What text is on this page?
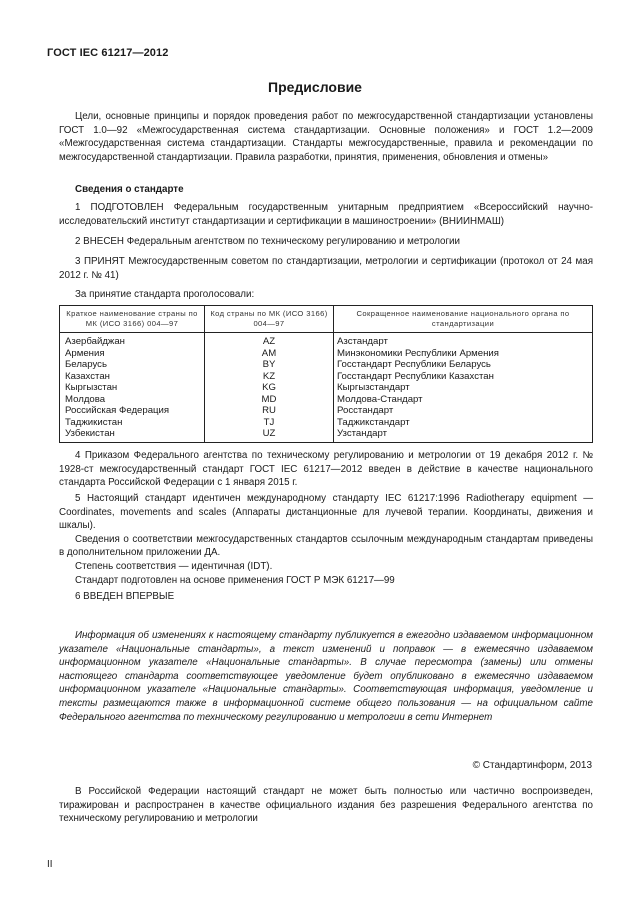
ГОСТ IEC 61217—2012
Предисловие

Цели, основные принципы и порядок проведения работ по межгосударственной стандартизации установлены ГОСТ 1.0—92 «Межгосударственная система стандартизации. Основные положения» и ГОСТ 1.2—2009 «Межгосударственная система стандартизации. Стандарты межгосударственные, правила и рекомендации по межгосударственной стандартизации. Правила разработки, принятия, применения, обновления и отмены»

Сведения о стандарте

1 ПОДГОТОВЛЕН Федеральным государственным унитарным предприятием «Всероссийский научно-исследовательский институт стандартизации и сертификации в машиностроении» (ВНИИНМАШ)

2 ВНЕСЕН Федеральным агентством по техническому регулированию и метрологии

3 ПРИНЯТ Межгосударственным советом по стандартизации, метрологии и сертификации (протокол от 24 мая 2012 г. № 41)

За принятие стандарта проголосовали:

Краткое наименование страны по МК (ИСО 3166) 004—97	Код страны по МК (ИСО 3166) 004—97	Сокращенное наименование национального органа по стандартизации
Азербайджан	AZ	Азстандарт
Армения	AM	Минэкономики Республики Армения
Беларусь	BY	Госстандарт Республики Беларусь
Казахстан	KZ	Госстандарт Республики Казахстан
Кыргызстан	KG	Кыргызстандарт
Молдова	MD	Молдова-Стандарт
Российская Федерация	RU	Росстандарт
Таджикистан	TJ	Таджикстандарт
Узбекистан	UZ	Узстандарт

4 Приказом Федерального агентства по техническому регулированию и метрологии от 19 декабря 2012 г. № 1928-ст межгосударственный стандарт ГОСТ IEC 61217—2012 введен в действие в качестве национального стандарта Российской Федерации с 1 января 2015 г.

5 Настоящий стандарт идентичен международному стандарту IEC 61217:1996 Radiotherapy equipment — Coordinates, movements and scales (Аппараты дистанционные для лучевой терапии. Координаты, движения и шкалы).

Сведения о соответствии межгосударственных стандартов ссылочным международным стандартам приведены в дополнительном приложении ДА.

Степень соответствия — идентичная (IDT).

Стандарт подготовлен на основе применения ГОСТ Р МЭК 61217—99

6 ВВЕДЕН ВПЕРВЫЕ

Информация об изменениях к настоящему стандарту публикуется в ежегодно издаваемом информационном указателе «Национальные стандарты», а текст изменений и поправок — в ежемесячно издаваемом информационном указателе «Национальные стандарты». В случае пересмотра (замены) или отмены настоящего стандарта соответствующее уведомление будет опубликовано в ежемесячно издаваемом информационном указателе «Национальные стандарты». Соответствующая информация, уведомление и тексты размещаются также в информационной системе общего пользования — на официальном сайте Федерального агентства по техническому регулированию и метрологии в сети Интернет
© Стандартинформ, 2013
В Российской Федерации настоящий стандарт не может быть полностью или частично воспроизведен, тиражирован и распространен в качестве официального издания без разрешения Федерального агентства по техническому регулированию и метрологии
II
